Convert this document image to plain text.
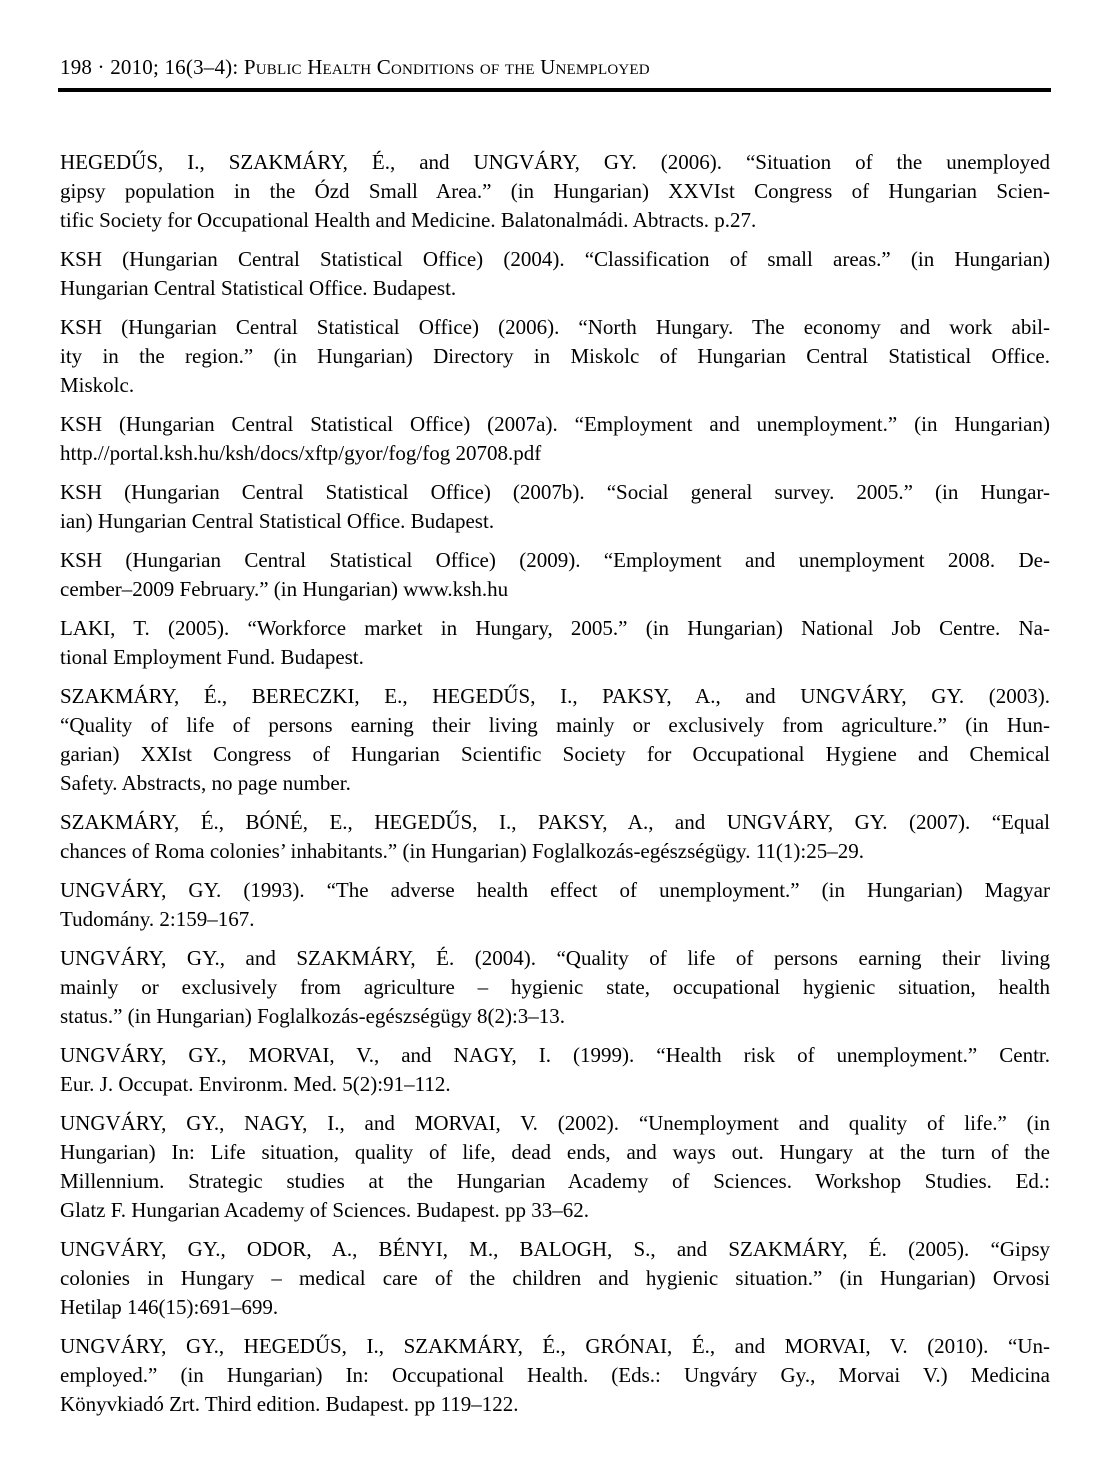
198 · 2010; 16(3–4): Public Health Conditions of the Unemployed

HEGEDŰS, I., SZAKMÁRY, É., and UNGVÁRY, GY. (2006). “Situation of the unemployed
gipsy population in the Ózd Small Area.” (in Hungarian) XXVIst Congress of Hungarian Scien-
tific Society for Occupational Health and Medicine. Balatonalmádi. Abtracts. p.27.

KSH (Hungarian Central Statistical Office) (2004). “Classification of small areas.” (in Hungarian)
Hungarian Central Statistical Office. Budapest.

KSH (Hungarian Central Statistical Office) (2006). “North Hungary. The economy and work abil-
ity in the region.” (in Hungarian) Directory in Miskolc of Hungarian Central Statistical Office.
Miskolc.

KSH (Hungarian Central Statistical Office) (2007a). “Employment and unemployment.” (in Hungarian)
http.//portal.ksh.hu/ksh/docs/xftp/gyor/fog/fog 20708.pdf

KSH (Hungarian Central Statistical Office) (2007b). “Social general survey. 2005.” (in Hungar-
ian) Hungarian Central Statistical Office. Budapest.

KSH (Hungarian Central Statistical Office) (2009). “Employment and unemployment 2008. De-
cember–2009 February.” (in Hungarian) www.ksh.hu

LAKI, T. (2005). “Workforce market in Hungary, 2005.” (in Hungarian) National Job Centre. Na-
tional Employment Fund. Budapest.

SZAKMÁRY, É., BERECZKI, E., HEGEDŰS, I., PAKSY, A., and UNGVÁRY, GY. (2003).
“Quality of life of persons earning their living mainly or exclusively from agriculture.” (in Hun-
garian) XXIst Congress of Hungarian Scientific Society for Occupational Hygiene and Chemical
Safety. Abstracts, no page number.

SZAKMÁRY, É., BÓNÉ, E., HEGEDŰS, I., PAKSY, A., and UNGVÁRY, GY. (2007). “Equal
chances of Roma colonies’ inhabitants.” (in Hungarian) Foglalkozás-egészségügy. 11(1):25–29.

UNGVÁRY, GY. (1993). “The adverse health effect of unemployment.” (in Hungarian) Magyar
Tudomány. 2:159–167.

UNGVÁRY, GY., and SZAKMÁRY, É. (2004). “Quality of life of persons earning their living
mainly or exclusively from agriculture – hygienic state, occupational hygienic situation, health
status.” (in Hungarian) Foglalkozás-egészségügy 8(2):3–13.

UNGVÁRY, GY., MORVAI, V., and NAGY, I. (1999). “Health risk of unemployment.” Centr.
Eur. J. Occupat. Environm. Med. 5(2):91–112.

UNGVÁRY, GY., NAGY, I., and MORVAI, V. (2002). “Unemployment and quality of life.” (in
Hungarian) In: Life situation, quality of life, dead ends, and ways out. Hungary at the turn of the
Millennium. Strategic studies at the Hungarian Academy of Sciences. Workshop Studies. Ed.:
Glatz F. Hungarian Academy of Sciences. Budapest. pp 33–62.

UNGVÁRY, GY., ODOR, A., BÉNYI, M., BALOGH, S., and SZAKMÁRY, É. (2005). “Gipsy
colonies in Hungary – medical care of the children and hygienic situation.” (in Hungarian) Orvosi
Hetilap 146(15):691–699.

UNGVÁRY, GY., HEGEDŰS, I., SZAKMÁRY, É., GRÓNAI, É., and MORVAI, V. (2010). “Un-
employed.” (in Hungarian) In: Occupational Health. (Eds.: Ungváry Gy., Morvai V.) Medicina
Könyvkiadó Zrt. Third edition. Budapest. pp 119–122.
